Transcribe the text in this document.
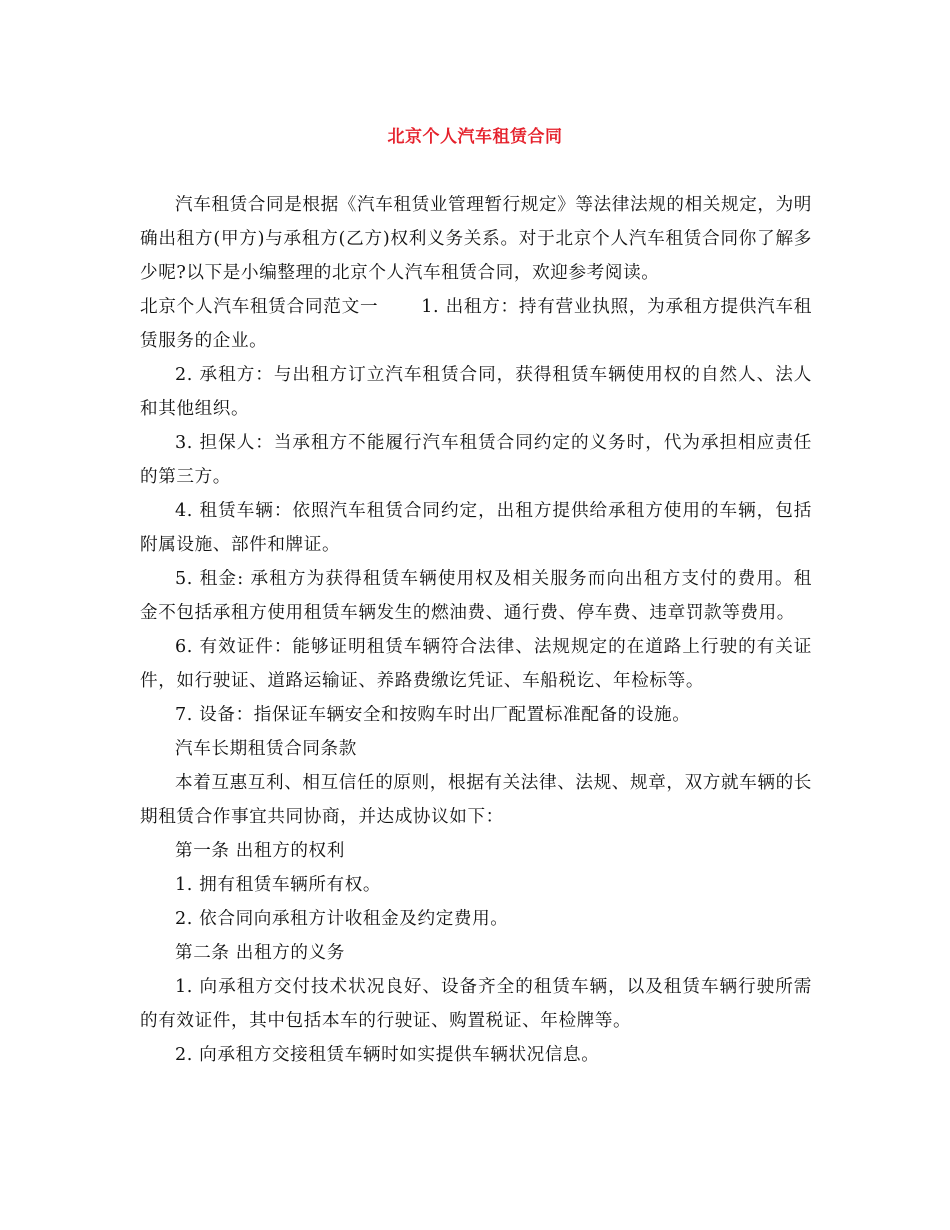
北京个人汽车租赁合同

汽车租赁合同是根据《汽车租赁业管理暂行规定》等法律法规的相关规定，为明确出租方(甲方)与承租方(乙方)权利义务关系。对于北京个人汽车租赁合同你了解多少呢?以下是小编整理的北京个人汽车租赁合同，欢迎参考阅读。

北京个人汽车租赁合同范文一　　 1. 出租方：持有营业执照，为承租方提供汽车租赁服务的企业。

2. 承租方：与出租方订立汽车租赁合同，获得租赁车辆使用权的自然人、法人和其他组织。

3. 担保人：当承租方不能履行汽车租赁合同约定的义务时，代为承担相应责任的第三方。

4. 租赁车辆：依照汽车租赁合同约定，出租方提供给承租方使用的车辆，包括附属设施、部件和牌证。

5. 租金: 承租方为获得租赁车辆使用权及相关服务而向出租方支付的费用。租金不包括承租方使用租赁车辆发生的燃油费、通行费、停车费、违章罚款等费用。

6. 有效证件：能够证明租赁车辆符合法律、法规规定的在道路上行驶的有关证件，如行驶证、道路运输证、养路费缴讫凭证、车船税讫、年检标等。

7. 设备：指保证车辆安全和按购车时出厂配置标准配备的设施。

汽车长期租赁合同条款

本着互惠互利、相互信任的原则，根据有关法律、法规、规章，双方就车辆的长期租赁合作事宜共同协商，并达成协议如下：

第一条 出租方的权利

1. 拥有租赁车辆所有权。

2. 依合同向承租方计收租金及约定费用。

第二条 出租方的义务

1. 向承租方交付技术状况良好、设备齐全的租赁车辆，以及租赁车辆行驶所需的有效证件，其中包括本车的行驶证、购置税证、年检牌等。

2. 向承租方交接租赁车辆时如实提供车辆状况信息。
